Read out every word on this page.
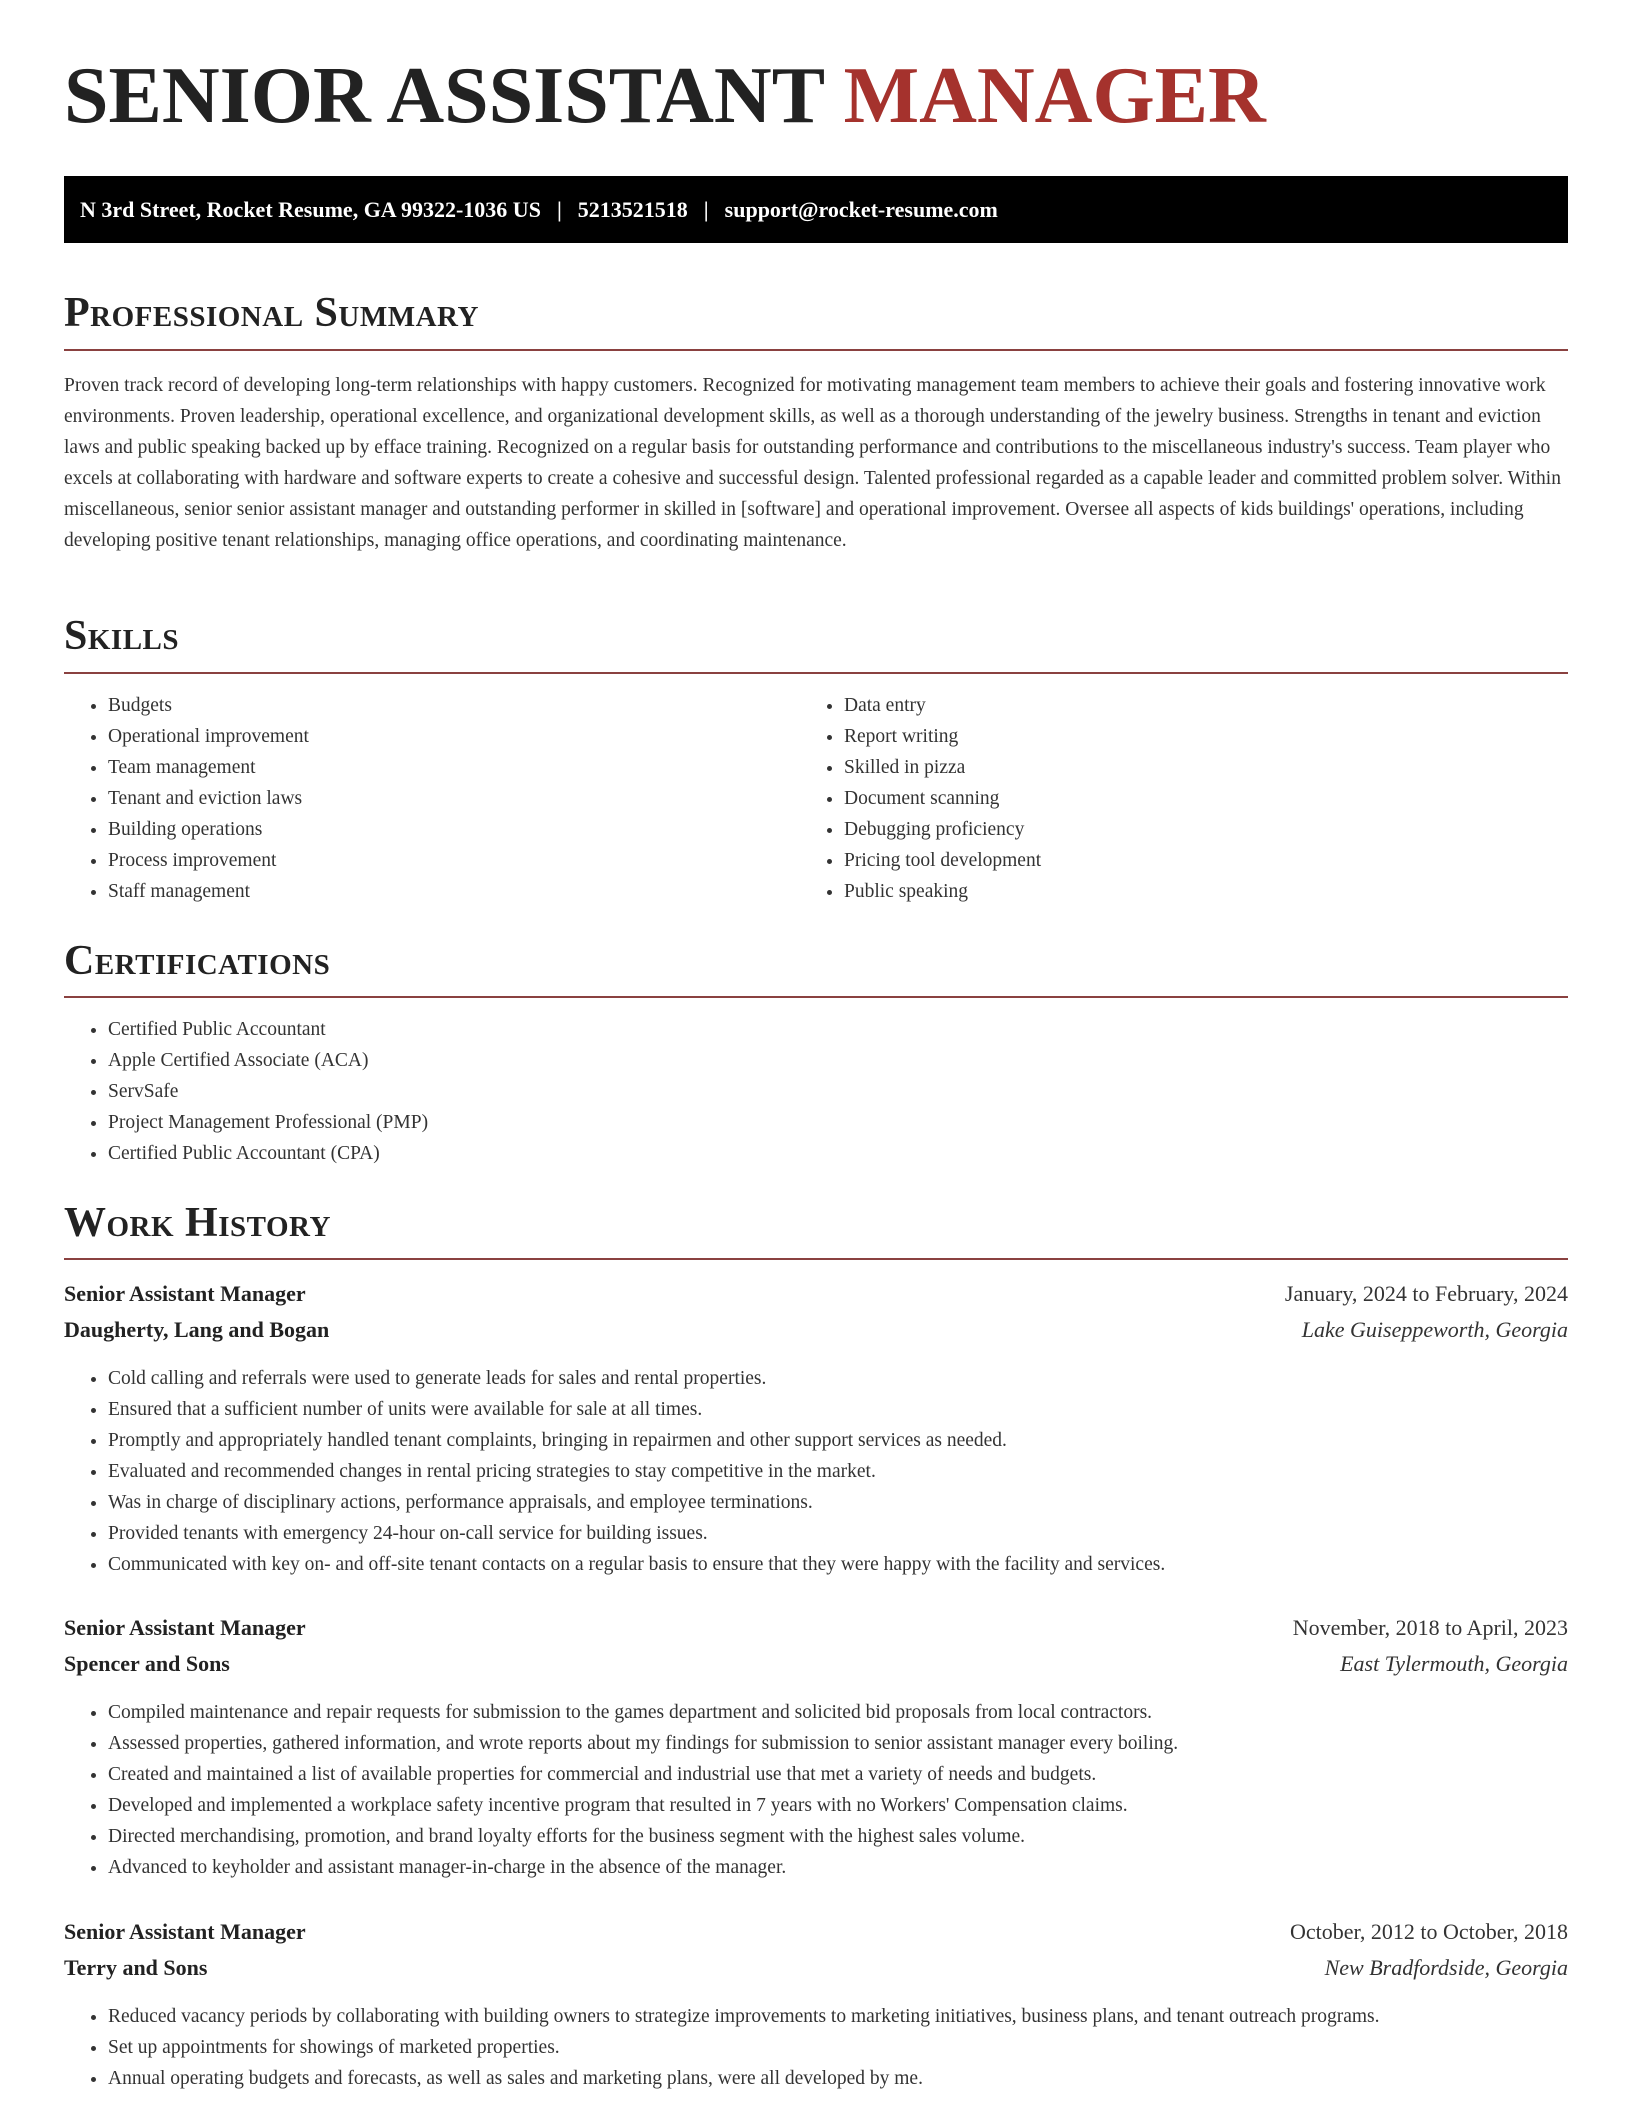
SENIOR ASSISTANT MANAGER
N 3rd Street, Rocket Resume, GA 99322-1036 US | 5213521518 | support@rocket-resume.com
Professional Summary

Proven track record of developing long-term relationships with happy customers. Recognized for motivating management team members to achieve their goals and fostering innovative work environments. Proven leadership, operational excellence, and organizational development skills, as well as a thorough understanding of the jewelry business. Strengths in tenant and eviction laws and public speaking backed up by efface training. Recognized on a regular basis for outstanding performance and contributions to the miscellaneous industry's success. Team player who excels at collaborating with hardware and software experts to create a cohesive and successful design. Talented professional regarded as a capable leader and committed problem solver. Within miscellaneous, senior senior assistant manager and outstanding performer in skilled in [software] and operational improvement. Oversee all aspects of kids buildings' operations, including developing positive tenant relationships, managing office operations, and coordinating maintenance.

Skills
• Budgets
• Operational improvement
• Team management
• Tenant and eviction laws
• Building operations
• Process improvement
• Staff management
• Data entry
• Report writing
• Skilled in pizza
• Document scanning
• Debugging proficiency
• Pricing tool development
• Public speaking
Certifications
• Certified Public Accountant
• Apple Certified Associate (ACA)
• ServSafe
• Project Management Professional (PMP)
• Certified Public Accountant (CPA)
Work History
Senior Assistant Manager	January, 2024 to February, 2024
Daugherty, Lang and Bogan	Lake Guiseppeworth, Georgia
• Cold calling and referrals were used to generate leads for sales and rental properties.
• Ensured that a sufficient number of units were available for sale at all times.
• Promptly and appropriately handled tenant complaints, bringing in repairmen and other support services as needed.
• Evaluated and recommended changes in rental pricing strategies to stay competitive in the market.
• Was in charge of disciplinary actions, performance appraisals, and employee terminations.
• Provided tenants with emergency 24-hour on-call service for building issues.
• Communicated with key on- and off-site tenant contacts on a regular basis to ensure that they were happy with the facility and services.
Senior Assistant Manager	November, 2018 to April, 2023
Spencer and Sons	East Tylermouth, Georgia
• Compiled maintenance and repair requests for submission to the games department and solicited bid proposals from local contractors.
• Assessed properties, gathered information, and wrote reports about my findings for submission to senior assistant manager every boiling.
• Created and maintained a list of available properties for commercial and industrial use that met a variety of needs and budgets.
• Developed and implemented a workplace safety incentive program that resulted in 7 years with no Workers' Compensation claims.
• Directed merchandising, promotion, and brand loyalty efforts for the business segment with the highest sales volume.
• Advanced to keyholder and assistant manager-in-charge in the absence of the manager.
Senior Assistant Manager	October, 2012 to October, 2018
Terry and Sons	New Bradfordside, Georgia
• Reduced vacancy periods by collaborating with building owners to strategize improvements to marketing initiatives, business plans, and tenant outreach programs.
• Set up appointments for showings of marketed properties.
• Annual operating budgets and forecasts, as well as sales and marketing plans, were all developed by me.
